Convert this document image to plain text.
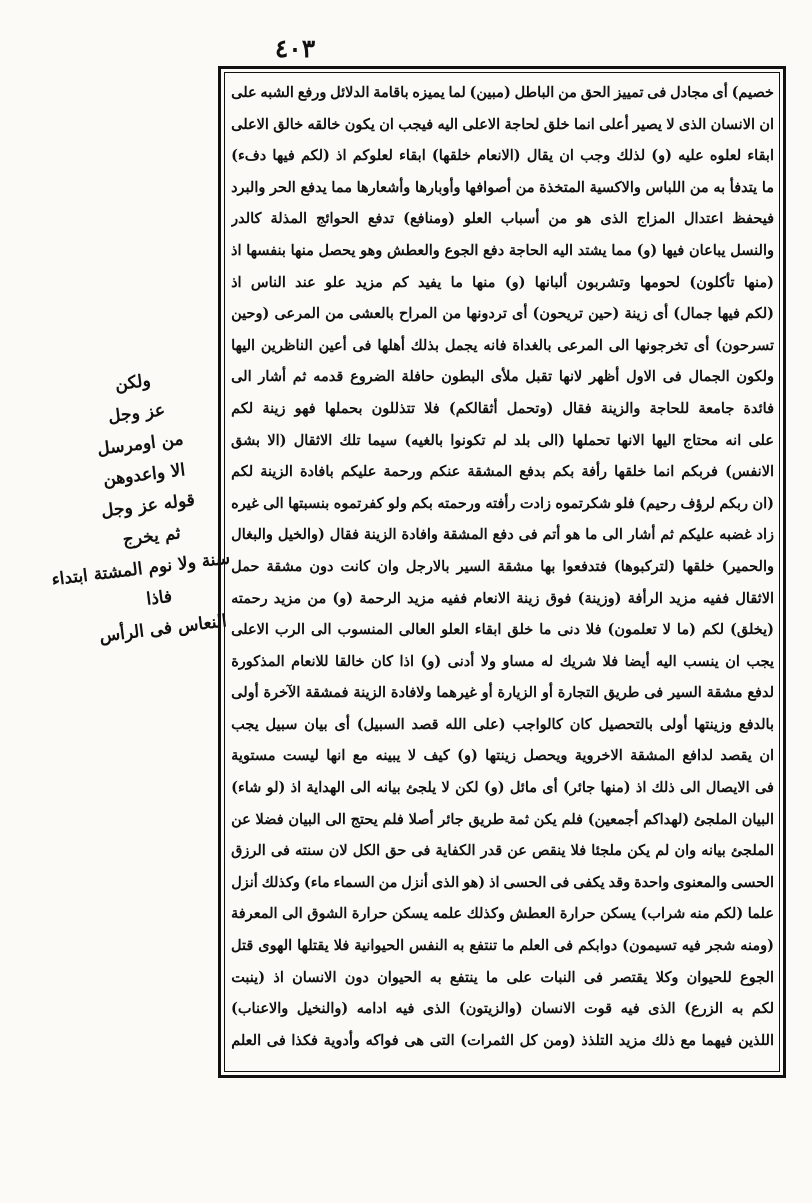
٤٠٣
خصيم)
أى
مجادل
فى
تمييز
الحق
من
الباطل
(مبين)
لما
يميزه
باقامة
الدلائل
ورفع
الشبه
على
ان
الانسان
الذى
لا
يصير
أعلى
انما
خلق
لحاجة
الاعلى
اليه
فيجب
ان
يكون
خالقه
خالق
الاعلى
ابقاء
لعلوه
عليه
(و)
لذلك
وجب
ان
يقال
(الانعام
خلقها)
ابقاء
لعلوكم
اذ
(لكم
فيها
دفء)
ما
يتدفأ
به
من
اللباس
والاكسية
المتخذة
من
أصوافها
وأوبارها
وأشعارها
مما
يدفع
الحر
والبرد
فيحفظ
اعتدال
المزاج
الذى
هو
من
أسباب
العلو
(ومنافع)
تدفع
الحوائج
المذلة
كالدر
والنسل
يباعان
فيها
(و)
مما
يشتد
اليه
الحاجة
دفع
الجوع
والعطش
وهو
يحصل
منها
بنفسها
اذ
(منها
تأكلون)
لحومها
وتشربون
ألبانها
(و)
منها
ما
يفيد
كم
مزيد
علو
عند
الناس
اذ
(لكم
فيها
جمال)
أى
زينة
(حين
تريحون)
أى
تردونها
من
المراح
بالعشى
من
المرعى
(وحين
تسرحون)
أى
تخرجونها
الى
المرعى
بالغداة
فانه
يجمل
بذلك
أهلها
فى
أعين
الناظرين
اليها
ولكون
الجمال
فى
الاول
أظهر
لانها
تقبل
ملأى
البطون
حافلة
الضروع
قدمه
ثم
أشار
الى
فائدة
جامعة
للحاجة
والزينة
فقال
(وتحمل
أثقالكم)
فلا
تتذللون
بحملها
فهو
زينة
لكم
على
انه
محتاج
اليها
الانها
تحملها
(الى
بلد
لم
تكونوا
بالغيه)
سيما
تلك
الاثقال
(الا
بشق
الانفس)
فربكم
انما
خلقها
رأفة
بكم
بدفع
المشقة
عنكم
ورحمة
عليكم
بافادة
الزينة
لكم
(ان
ربكم
لرؤف
رحيم)
فلو
شكرتموه
زادت
رأفته
ورحمته
بكم
ولو
كفرتموه
بنسبتها
الى
غيره
زاد
غضبه
عليكم
ثم
أشار
الى
ما
هو
أتم
فى
دفع
المشقة
وافادة
الزينة
فقال
(والخيل
والبغال
والحمير)
خلقها
(لتركبوها)
فتدفعوا
بها
مشقة
السير
بالارجل
وان
كانت
دون
مشقة
حمل
الاثقال
ففيه
مزيد
الرأفة
(وزينة)
فوق
زينة
الانعام
ففيه
مزيد
الرحمة
(و)
من
مزيد
رحمته
(يخلق)
لكم
(ما
لا
تعلمون)
فلا
دنى
ما
خلق
ابقاء
العلو
العالى
المنسوب
الى
الرب
الاعلى
يجب
ان
ينسب
اليه
أيضا
فلا
شريك
له
مساو
ولا
أدنى
(و)
اذا
كان
خالقا
للانعام
المذكورة
لدفع
مشقة
السير
فى
طريق
التجارة
أو
الزيارة
أو
غيرهما
ولافادة
الزينة
فمشقة
الآخرة
أولى
بالدفع
وزينتها
أولى
بالتحصيل
كان
كالواجب
(على
الله
قصد
السبيل)
أى
بيان
سبيل
يجب
ان
يقصد
لدافع
المشقة
الاخروية
ويحصل
زينتها
(و)
كيف
لا
يبينه
مع
انها
ليست
مستوية
فى
الايصال
الى
ذلك
اذ
(منها
جائر)
أى
مائل
(و)
لكن
لا
يلجئ
بيانه
الى
الهداية
اذ
(لو
شاء)
البيان
الملجئ
(لهداكم
أجمعين)
فلم
يكن
ثمة
طريق
جائر
أصلا
فلم
يحتج
الى
البيان
فضلا
عن
الملجئ
بيانه
وان
لم
يكن
ملجئا
فلا
ينقص
عن
قدر
الكفاية
فى
حق
الكل
لان
سنته
فى
الرزق
الحسى
والمعنوى
واحدة
وقد
يكفى
فى
الحسى
اذ
(هو
الذى
أنزل
من
السماء
ماء)
وكذلك
أنزل
علما
(لكم
منه
شراب)
يسكن
حرارة
العطش
وكذلك
علمه
يسكن
حرارة
الشوق
الى
المعرفة
(ومنه
شجر
فيه
تسيمون)
دوابكم
فى
العلم
ما
تنتفع
به
النفس
الحيوانية
فلا
يقتلها
الهوى
قتل
الجوع
للحيوان
وكلا
يقتصر
فى
النبات
على
ما
ينتفع
به
الحيوان
دون
الانسان
اذ
(ينبت
لكم
به
الزرع)
الذى
فيه
قوت
الانسان
(والزيتون)
الذى
فيه
ادامه
(والنخيل
والاعناب)
اللذين
فيهما
مع
ذلك
مزيد
التلذذ
(ومن
كل
الثمرات)
التى
هى
فواكه
وأدوية
فكذا
فى
العلم
ولكن
عز وجل
من اومرسل
الا واعدوهن
قوله عز وجل
ثم يخرج
سنة ولا نوم المشتة ابتداء
فاذا
النعاس فى الرأس
